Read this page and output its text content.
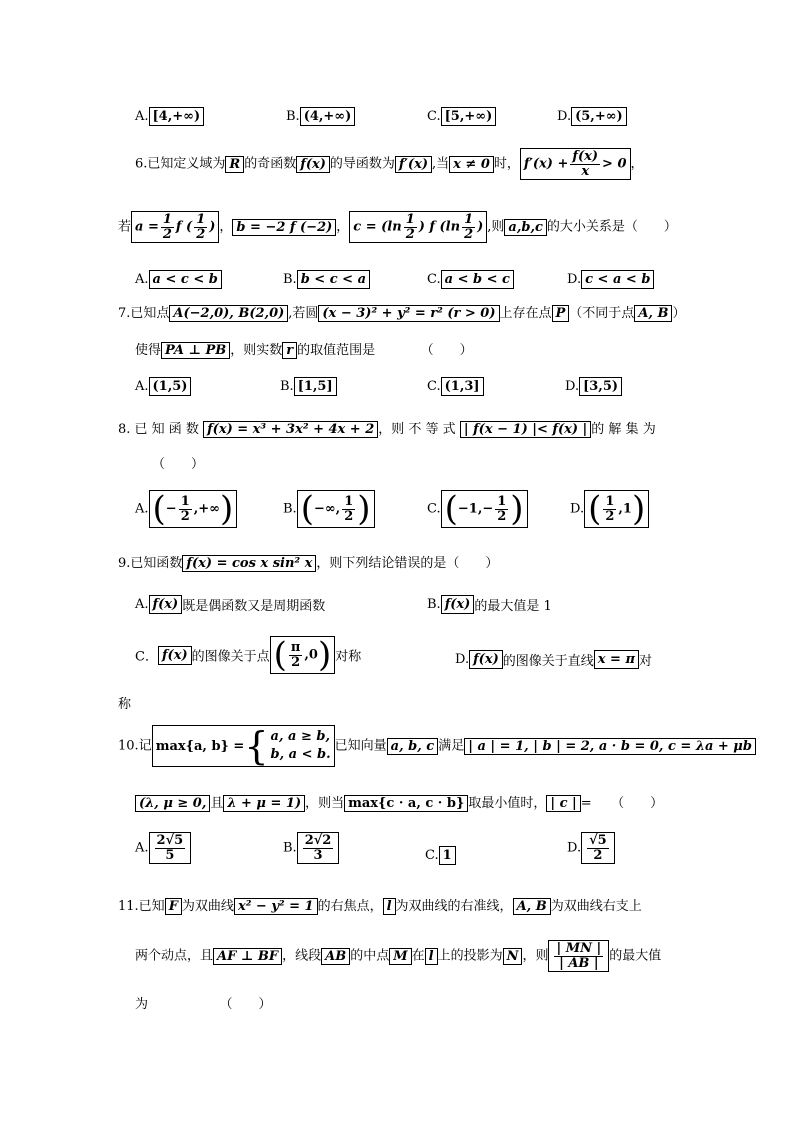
A. [4,+∞)	B. (4,+∞)	C. [5,+∞)	D. (5,+∞)
6.已知定义域为 R 的奇函数 f(x) 的导函数为 f′(x) ,当 x ≠ 0 时， $f'(x) + \frac{f(x)}{x} > 0$ ，
若 $a = \frac{1}{2}$ f ( $\frac{1}{2}$ ) ， b = −2 f (−2) ， $c = (\ln \frac{1}{2}$ ) f ($\ln \frac{1}{2}$ ) ,则 a,b,c 的大小关系是（　　）
A. a < c < b	B. b < c < a	C. a < b < c	D. c < a < b
7.已知点 A(−2,0), B(2,0) ,若圆 (x − 3)² + y² = r² (r > 0) 上存在点 P （不同于点 A, B ）
使得 PA ⊥ PB ，则实数 r 的取值范围是　　　　（　　）
A. (1,5)	B. [1,5]	C. (1,3]	D. [3,5)
8. 已 知 函 数 f(x) = x³ + 3x² + 4x + 2 ，则 不 等 式 | f(x − 1) |< f(x) | 的 解 集 为
（　　）
A. (− $\frac{1}{2}$ ,+∞)	B. (−∞, $\frac{1}{2}$ )	C. ($-1,- \frac{1}{2}$ )	D. ( $\frac{1}{2} ,1$)
9.已知函数 f(x) = cos x sin² x ，则下列结论错误的是（　　）
A. f(x) 既是偶函数又是周期函数	B. f(x) 的最大值是 1
C． f(x) 的图像关于点 ( $\frac{\pi}{2} ,0$) 对称	D. f(x) 的图像关于直线 x = π 对
称
10.记 max{a, b} = { a, a ≥ b,
b, a < b.
已知向量 a, b, c 满足 | a | = 1, | b | = 2, a · b = 0, c = λa + μb
(λ, μ ≥ 0, 且 λ + μ = 1) ，则当 max{c · a, c · b} 取最小值时， | c | =　　（　　）
A. $\frac{2√5}{5}$	B. $\frac{2√2}{3}$	C. 1	D. $\frac{√5}{2}$
11.已知 F 为双曲线 x² − y² = 1 的右焦点， l 为双曲线的右准线， A, B 为双曲线右支上
两个动点，且 AF ⊥ BF ，线段 AB 的中点 M 在 l 上的投影为 N ，则 $\frac{| MN |}{| AB |}$ 的最大值
为　　　　　　（　　）
